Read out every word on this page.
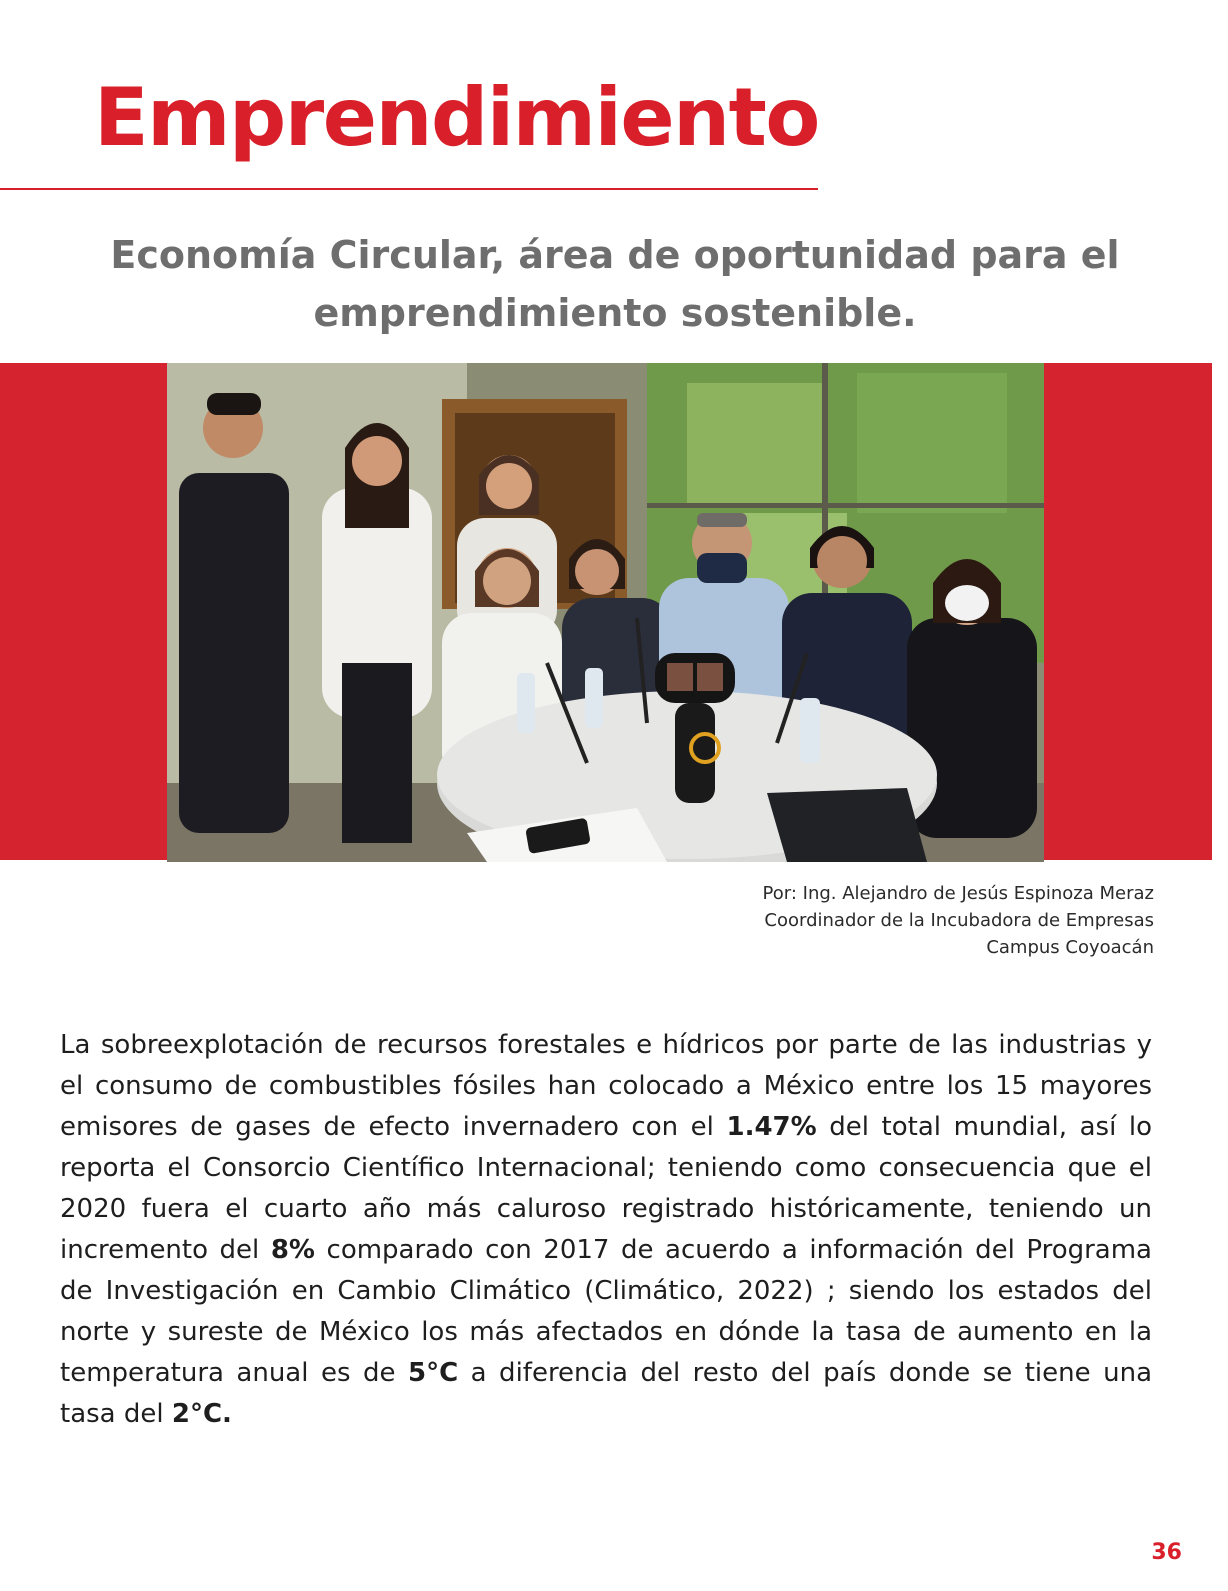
Emprendimiento
Economía Circular, área de oportunidad para el
emprendimiento sostenible.
Por: Ing. Alejandro de Jesús Espinoza Meraz
Coordinador de la Incubadora de Empresas
Campus Coyoacán
La sobreexplotación de recursos forestales e hídricos por parte de las industrias y el consumo de combustibles fósiles han colocado a México entre los 15 mayores emisores de gases de efecto invernadero con el 1.47% del total mundial, así lo reporta el Consorcio Científico Internacional; teniendo como consecuencia que el 2020 fuera el cuarto año más caluroso registrado históricamente, teniendo un incremento del 8% comparado con 2017 de acuerdo a información del Programa de Investigación en Cambio Climático (Climático, 2022) ; siendo los estados del norte y sureste de México los más afectados en dónde la tasa de aumento en la temperatura anual es de 5°C a diferencia del resto del país donde se tiene una tasa del 2°C.
36
